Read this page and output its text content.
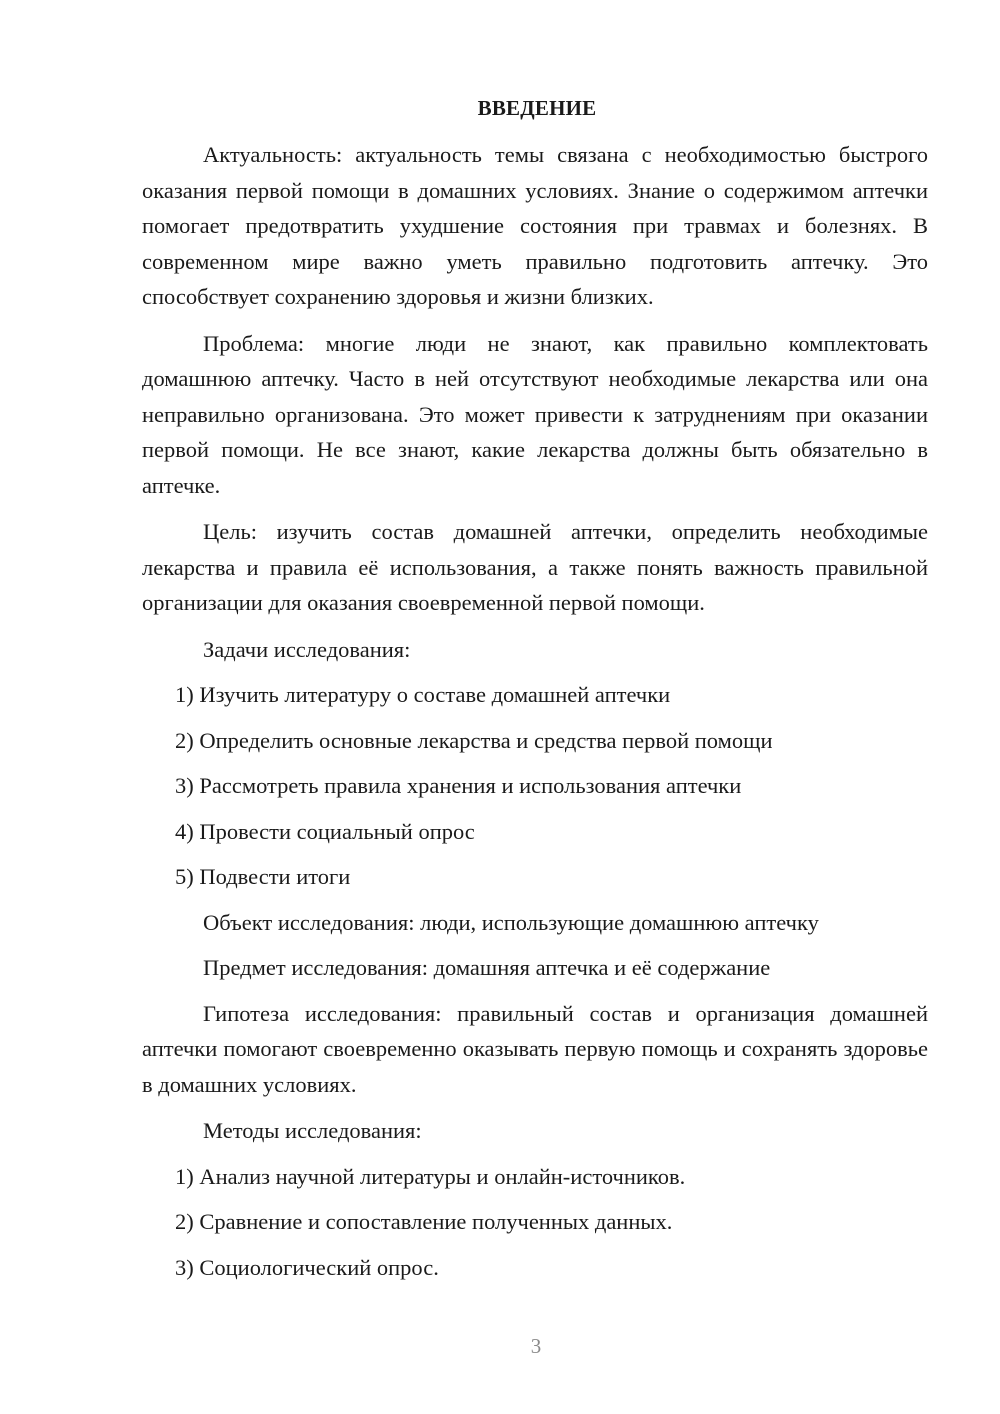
ВВЕДЕНИЕ

Актуальность: актуальность темы связана с необходимостью быстрого оказания первой помощи в домашних условиях. Знание о содержимом аптечки помогает предотвратить ухудшение состояния при травмах и болезнях. В современном мире важно уметь правильно подготовить аптечку. Это способствует сохранению здоровья и жизни близких.

Проблема: многие люди не знают, как правильно комплектовать домашнюю аптечку. Часто в ней отсутствуют необходимые лекарства или она неправильно организована. Это может привести к затруднениям при оказании первой помощи. Не все знают, какие лекарства должны быть обязательно в аптечке.

Цель: изучить состав домашней аптечки, определить необходимые лекарства и правила её использования, а также понять важность правильной организации для оказания своевременной первой помощи.

Задачи исследования:
1) Изучить литературу о составе домашней аптечки
2) Определить основные лекарства и средства первой помощи
3) Рассмотреть правила хранения и использования аптечки
4) Провести социальный опрос
5) Подвести итоги
Объект исследования: люди, использующие домашнюю аптечку
Предмет исследования: домашняя аптечка и её содержание

Гипотеза исследования: правильный состав и организация домашней аптечки помогают своевременно оказывать первую помощь и сохранять здоровье в домашних условиях.

Методы исследования:
1) Анализ научной литературы и онлайн-источников.
2) Сравнение и сопоставление полученных данных.
3) Социологический опрос.
3
